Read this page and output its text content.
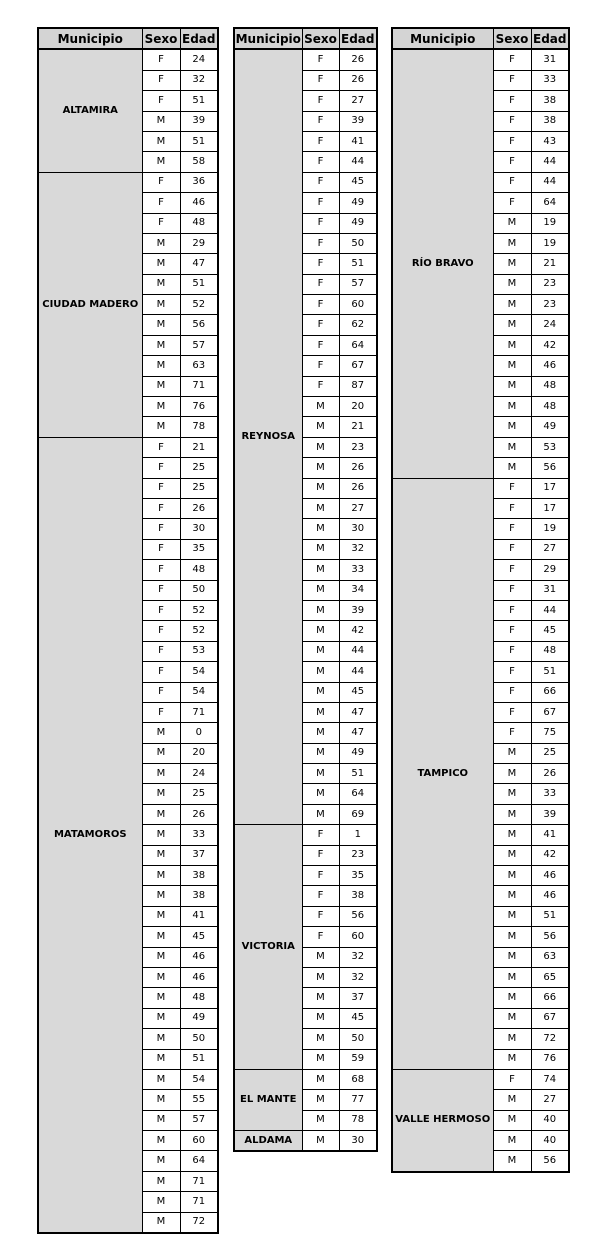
Municipio	Sexo	Edad
ALTAMIRA	F	24
	F	32
	F	51
	M	39
	M	51
	M	58
CIUDAD MADERO	F	36
	F	46
	F	48
	M	29
	M	47
	M	51
	M	52
	M	56
	M	57
	M	63
	M	71
	M	76
	M	78
MATAMOROS	F	21
	F	25
	F	25
	F	26
	F	30
	F	35
	F	48
	F	50
	F	52
	F	52
	F	53
	F	54
	F	54
	F	71
	M	0
	M	20
	M	24
	M	25
	M	26
	M	33
	M	37
	M	38
	M	38
	M	41
	M	45
	M	46
	M	46
	M	48
	M	49
	M	50
	M	51
	M	54
	M	55
	M	57
	M	60
	M	64
	M	71
	M	71
	M	72
Municipio	Sexo	Edad
REYNOSA	F	26
	F	26
	F	27
	F	39
	F	41
	F	44
	F	45
	F	49
	F	49
	F	50
	F	51
	F	57
	F	60
	F	62
	F	64
	F	67
	F	87
	M	20
	M	21
	M	23
	M	26
	M	26
	M	27
	M	30
	M	32
	M	33
	M	34
	M	39
	M	42
	M	44
	M	44
	M	45
	M	47
	M	47
	M	49
	M	51
	M	64
	M	69
VICTORIA	F	1
	F	23
	F	35
	F	38
	F	56
	F	60
	M	32
	M	32
	M	37
	M	45
	M	50
	M	59
EL MANTE	M	68
	M	77
	M	78
ALDAMA	M	30
Municipio	Sexo	Edad
RÍO BRAVO	F	31
	F	33
	F	38
	F	38
	F	43
	F	44
	F	44
	F	64
	M	19
	M	19
	M	21
	M	23
	M	23
	M	24
	M	42
	M	46
	M	48
	M	48
	M	49
	M	53
	M	56
TAMPICO	F	17
	F	17
	F	19
	F	27
	F	29
	F	31
	F	44
	F	45
	F	48
	F	51
	F	66
	F	67
	F	75
	M	25
	M	26
	M	33
	M	39
	M	41
	M	42
	M	46
	M	46
	M	51
	M	56
	M	63
	M	65
	M	66
	M	67
	M	72
	M	76
VALLE HERMOSO	F	74
	M	27
	M	40
	M	40
	M	56
